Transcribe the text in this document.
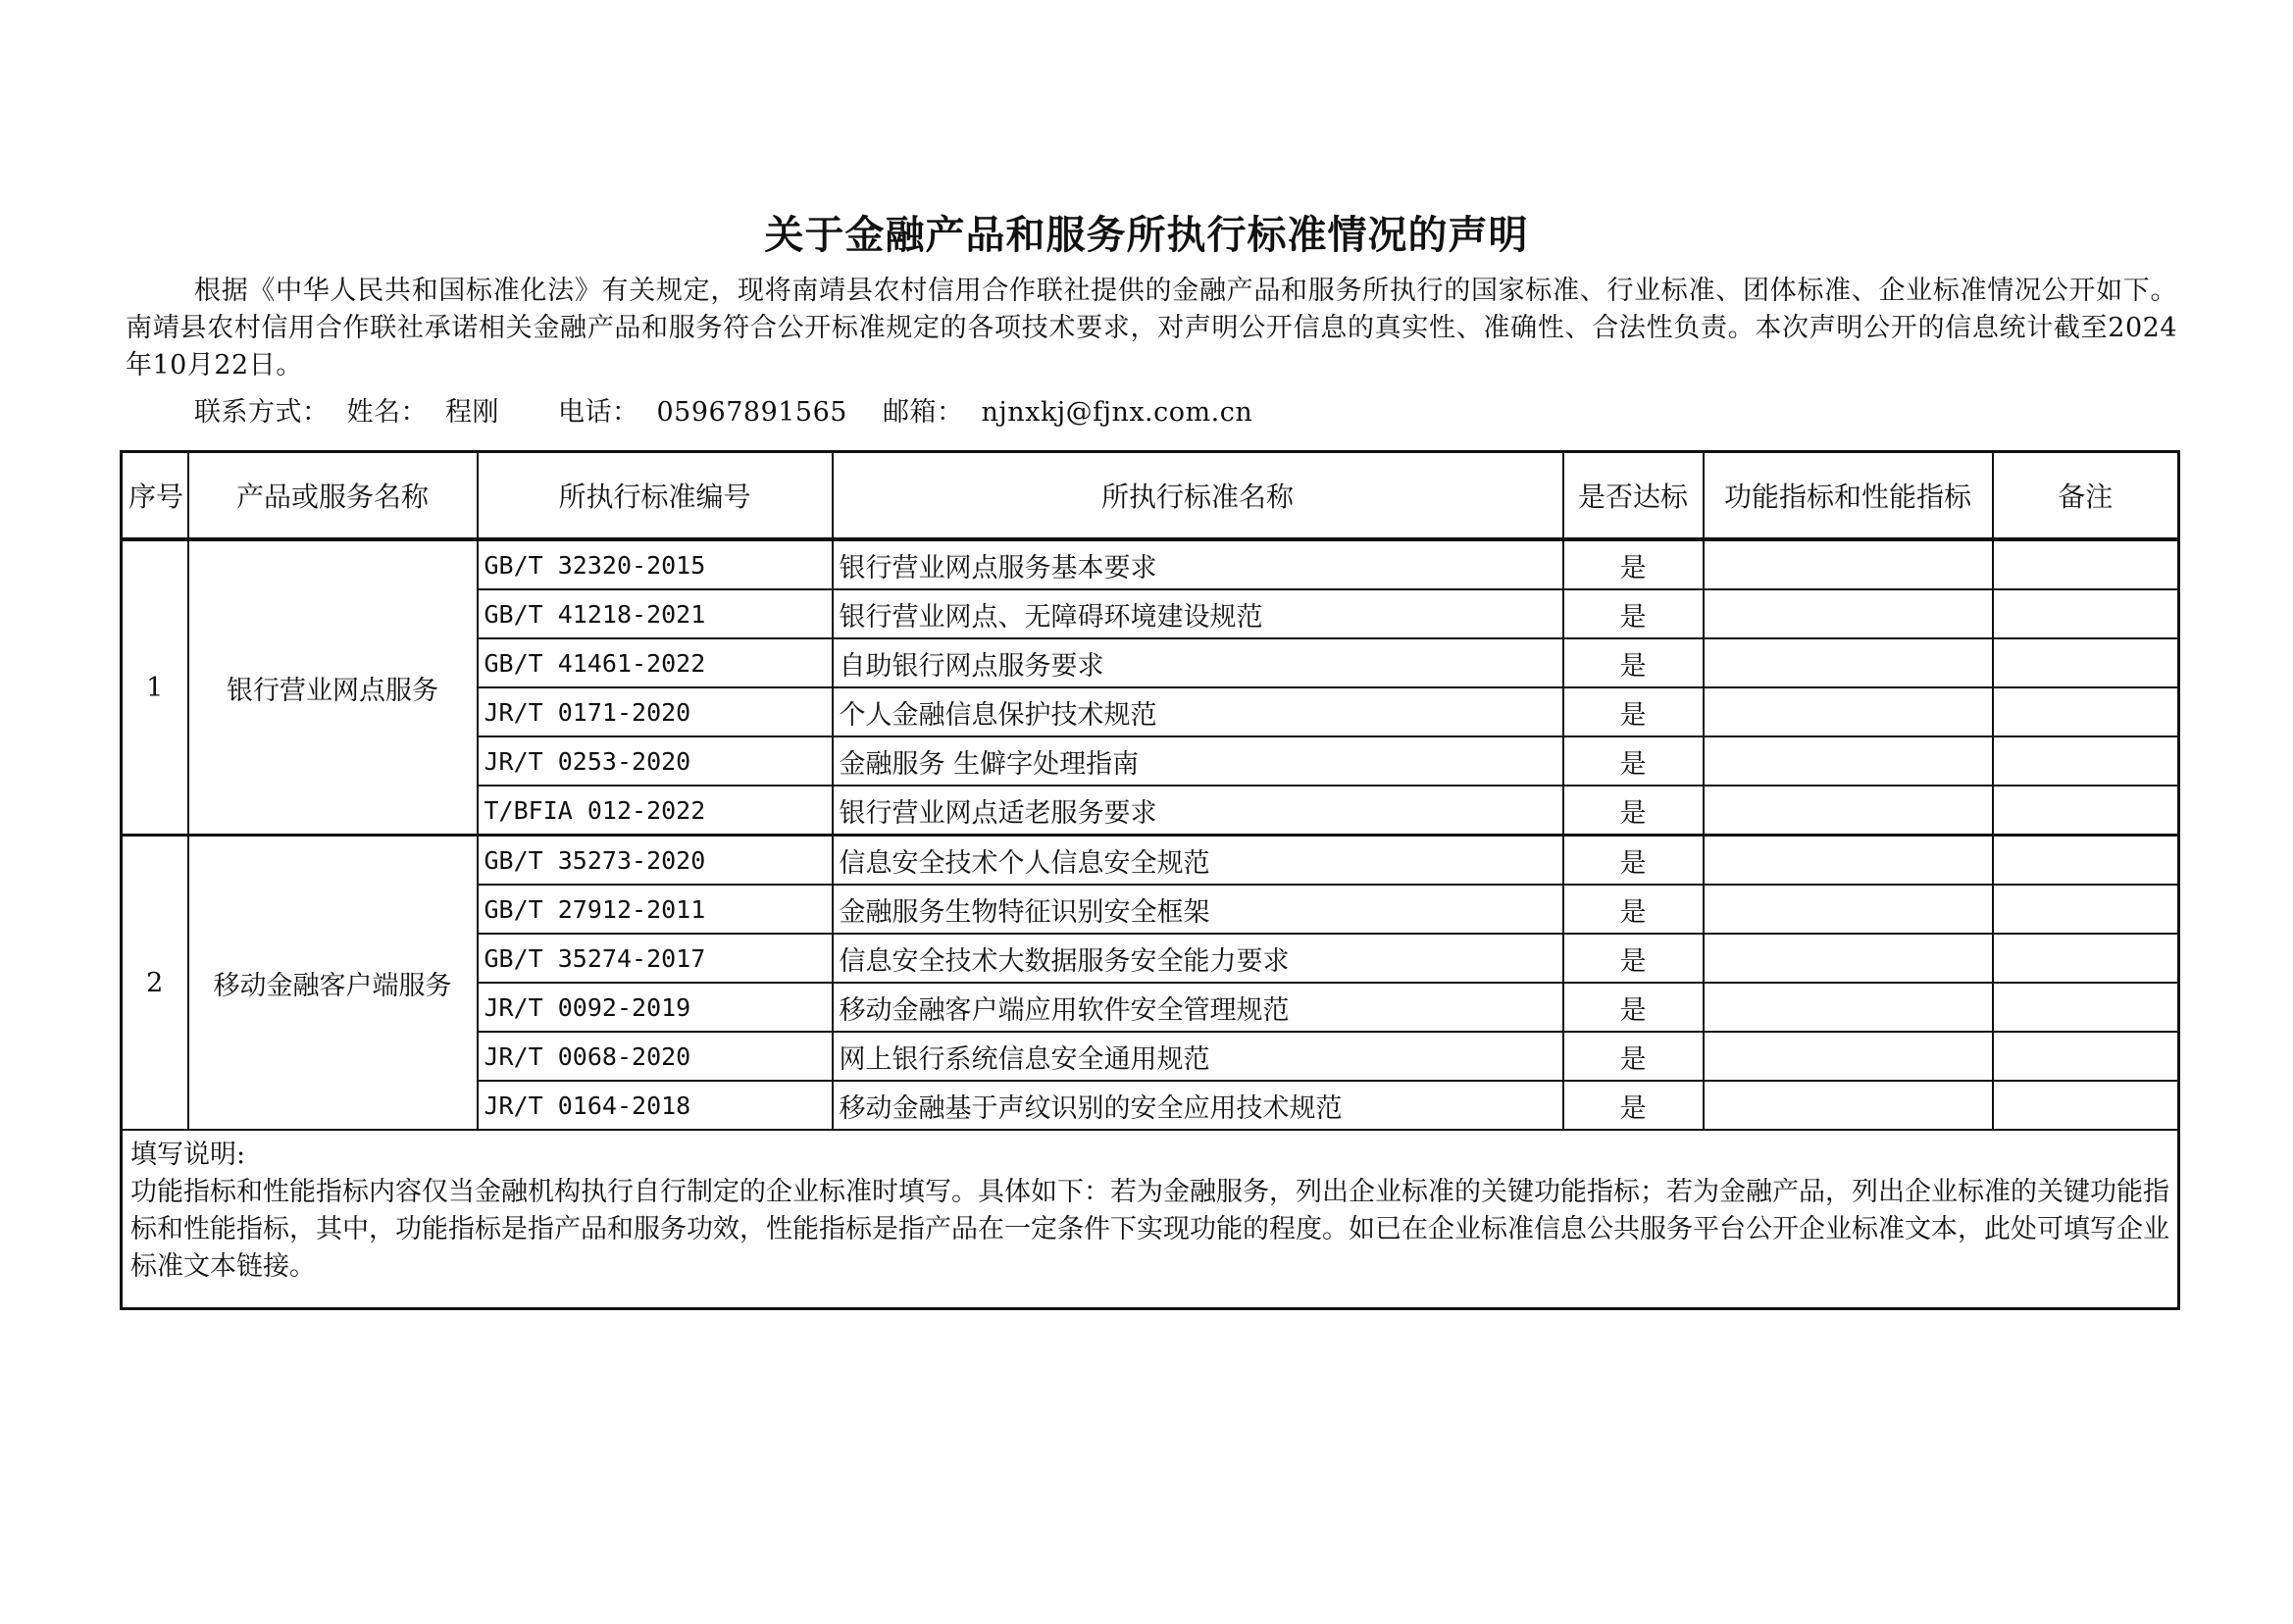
关于金融产品和服务所执行标准情况的声明
根据《中华人民共和国标准化法》有关规定，现将南靖县农村信用合作联社提供的金融产品和服务所执行的国家标准、行业标准、团体标准、企业标准情况公开如下。南靖县农村信用合作联社承诺相关金融产品和服务符合公开标准规定的各项技术要求，对声明公开信息的真实性、准确性、合法性负责。本次声明公开的信息统计截至2024年10月22日。
联系方式： 姓名： 程刚 电话： 05967891565 邮箱： njnxkj@fjnx.com.cn
序号	产品或服务名称	所执行标准编号	所执行标准名称	是否达标	功能指标和性能指标	备注
1	银行营业网点服务	GB/T 32320-2015	银行营业网点服务基本要求	是		
		GB/T 41218-2021	银行营业网点、无障碍环境建设规范	是		
		GB/T 41461-2022	自助银行网点服务要求	是		
		JR/T 0171-2020	个人金融信息保护技术规范	是		
		JR/T 0253-2020	金融服务 生僻字处理指南	是		
		T/BFIA 012-2022	银行营业网点适老服务要求	是		
2	移动金融客户端服务	GB/T 35273-2020	信息安全技术个人信息安全规范	是		
		GB/T 27912-2011	金融服务生物特征识别安全框架	是		
		GB/T 35274-2017	信息安全技术大数据服务安全能力要求	是		
		JR/T 0092-2019	移动金融客户端应用软件安全管理规范	是		
		JR/T 0068-2020	网上银行系统信息安全通用规范	是		
		JR/T 0164-2018	移动金融基于声纹识别的安全应用技术规范	是		

填写说明:
功能指标和性能指标内容仅当金融机构执行自行制定的企业标准时填写。具体如下：若为金融服务，列出企业标准的关键功能指标；若为金融产品，列出企业标准的关键功能指标和性能指标，其中，功能指标是指产品和服务功效，性能指标是指产品在一定条件下实现功能的程度。如已在企业标准信息公共服务平台公开企业标准文本，此处可填写企业标准文本链接。						
